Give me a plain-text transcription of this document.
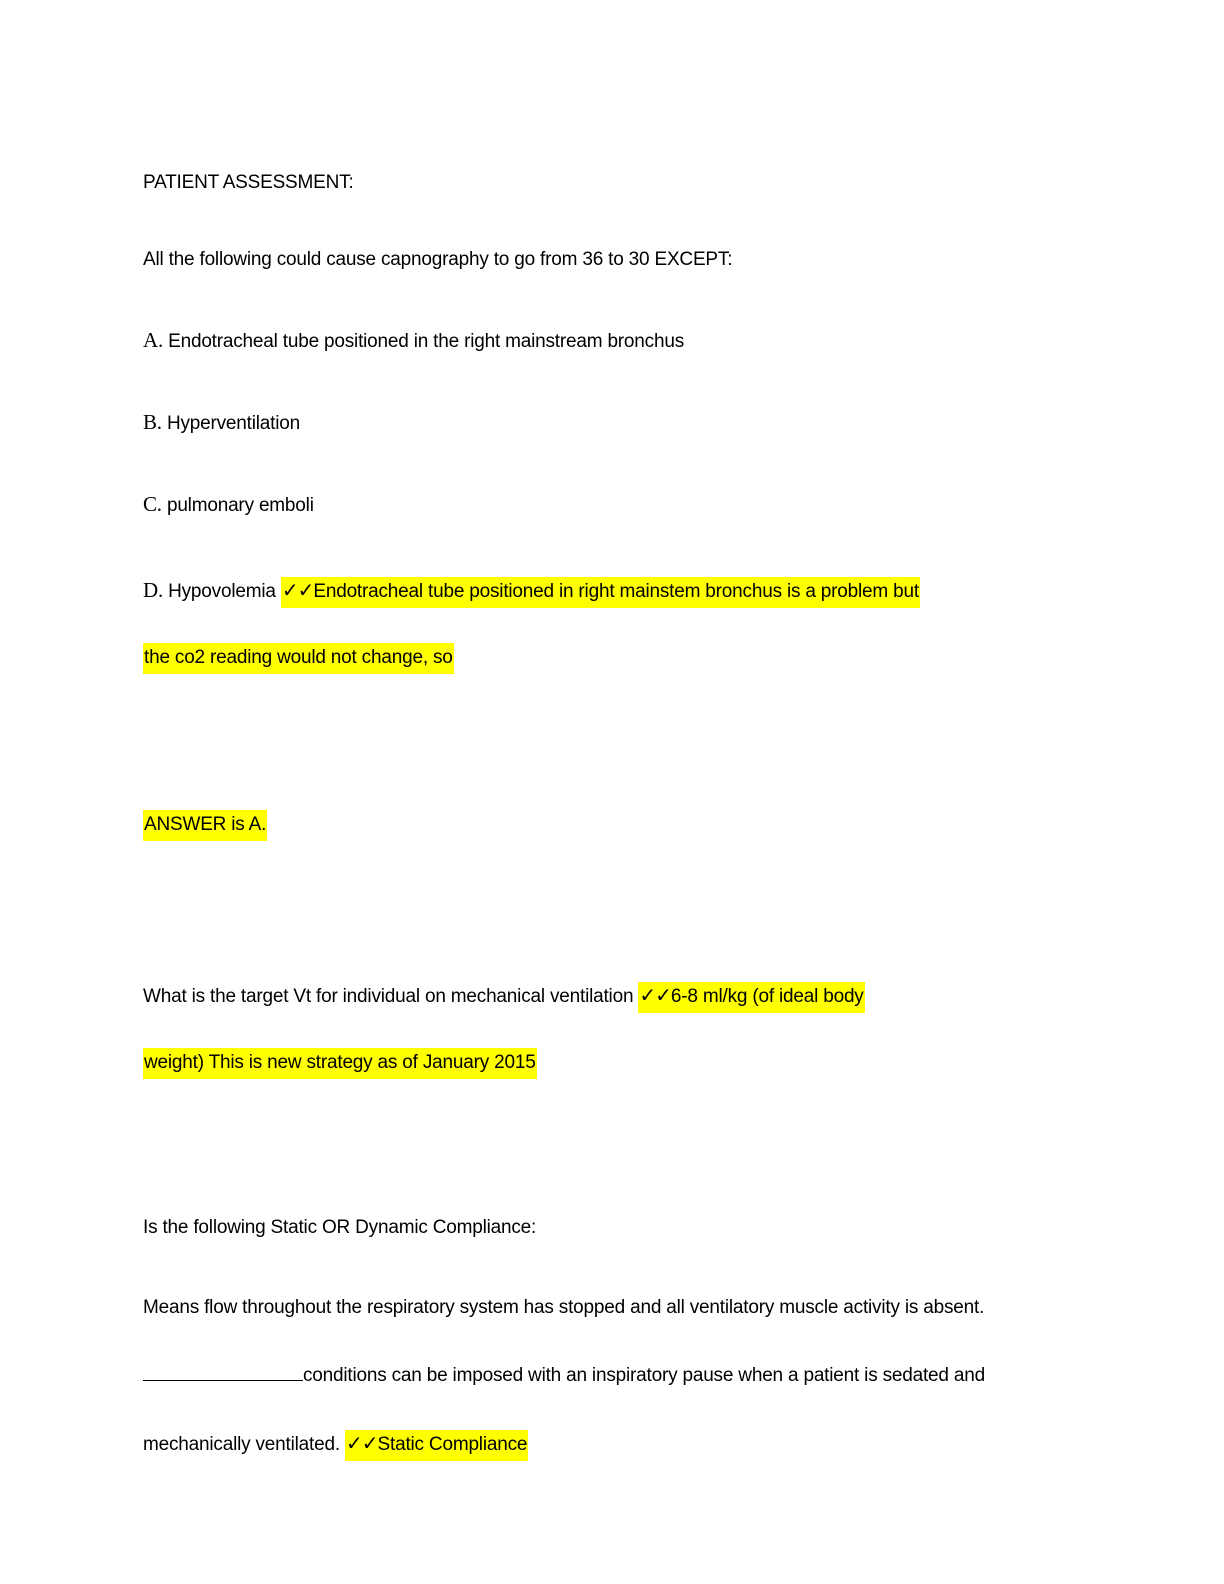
PATIENT ASSESSMENT:
All the following could cause capnography to go from 36 to 30 EXCEPT:
A. Endotracheal tube positioned in the right mainstream bronchus
B. Hyperventilation
C. pulmonary emboli
D. Hypovolemia ✓✓Endotracheal tube positioned in right mainstem bronchus is a problem but
the co2 reading would not change, so
ANSWER is A.
What is the target Vt for individual on mechanical ventilation ✓✓6-8 ml/kg (of ideal body
weight) This is new strategy as of January 2015
Is the following Static OR Dynamic Compliance:
Means flow throughout the respiratory system has stopped and all ventilatory muscle activity is absent.
conditions can be imposed with an inspiratory pause when a patient is sedated and
mechanically ventilated. ✓✓Static Compliance
